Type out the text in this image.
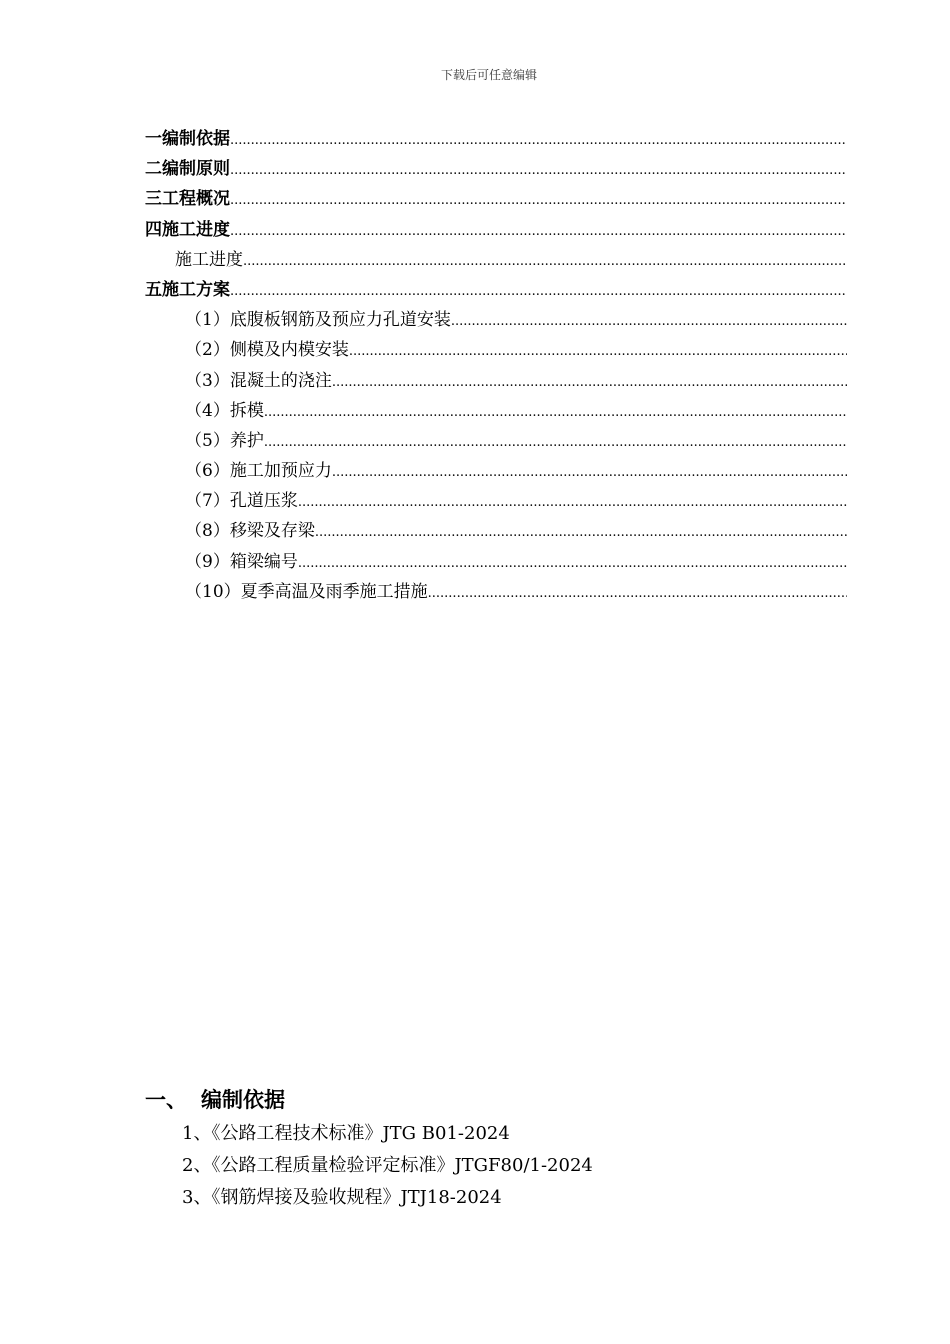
下载后可任意编辑
一 编制依据
.....
二 编制原则
.....
三 工程概况
.....
四 施工进度
.....
施工进度
.....
五 施工方案
.....
（1）底腹板钢筋及预应力孔道安装
.....
（2）侧模及内模安装
.....
（3）混凝土的浇注
.....
（4）拆模
.....
（5）养护
.....
（6）施工加预应力
.....
（7）孔道压浆
.....
（8）移梁及存梁
.....
（9）箱梁编号
.....
（10）夏季高温及雨季施工措施
.....
一、 编制依据
1、《公路工程技术标准》JTG B01-2024
2、《公路工程质量检验评定标准》JTGF80/1-2024
3、《钢筋焊接及验收规程》JTJ18-2024
